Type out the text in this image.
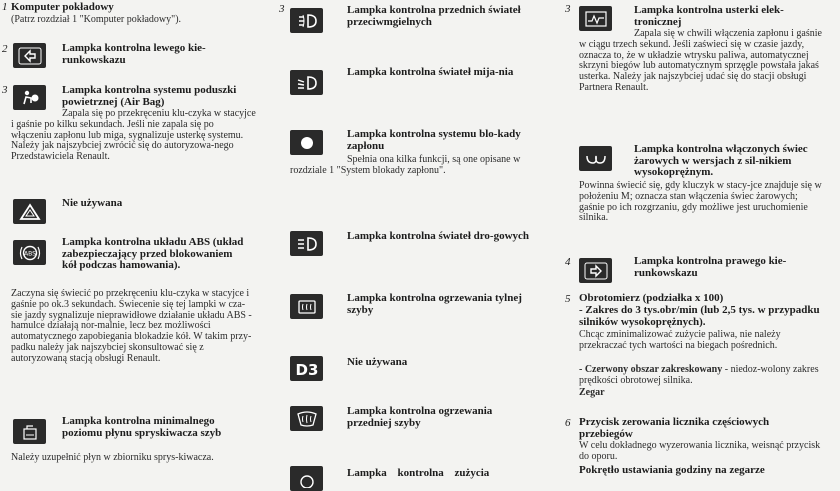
1 Komputer pokładowy
(Patrz rozdział 1 "Komputer pokładowy").
2	Lampka kontrolna lewego kie-runkowskazu
3	Lampka kontrolna systemu poduszki powietrznej (Air Bag)
Zapala się po przekręceniu klu-czyka w stacyjce i gaśnie po kilku sekundach. Jeśli nie zapala się po włączeniu zapłonu lub miga, sygnalizuje usterkę systemu. Należy jak najszybciej zwrócić się do autoryzowa-nego Przedstawiciela Renault.
Nie używana
ABS
Lampka kontrolna układu ABS (układ zabezpieczający przed blokowaniem kół podczas hamowania).
Zaczyna się świecić po przekręceniu klu-czyka w stacyjce i gaśnie po ok.3 sekundach. Świecenie się tej lampki w cza-sie jazdy sygnalizuje nieprawidłowe działanie układu ABS - hamulce działają nor-malnie, lecz bez możliwości automatycznego zapobiegania blokadzie kół. W takim przy-padku należy jak najszybciej skonsultować się z autoryzowaną stacją obsługi Renault.
Lampka kontrolna minimalnego poziomu płynu spryskiwacza szyb
Należy uzupełnić płyn w zbiorniku sprys-kiwacza.
3	Lampka kontrolna przednich świateł przeciwmgielnych
Lampka kontrolna świateł mija-nia
Lampka kontrolna systemu blo-kady zapłonu
Spełnia ona kilka funkcji, są one opisane w rozdziale 1 "System blokady zapłonu".
Lampka kontrolna świateł dro-gowych
Lampka kontrolna ogrzewania tylnej szyby
D3	Nie używana
Lampka kontrolna ogrzewania przedniej szyby
Lampka kontrolna zużycia
3	Lampka kontrolna usterki elek-tronicznej
Zapala się w chwili włączenia zapłonu i gaśnie w ciągu trzech sekund. Jeśli zaświeci się w czasie jazdy, oznacza to, że w układzie wtrysku paliwa, automatycznej skrzyni biegów lub automatycznym sprzęgle powstała jakaś usterka. Należy jak najszybciej udać się do stacji obsługi Partnera Renault.
Lampka kontrolna włączonych świec żarowych w wersjach z sil-nikiem wysokoprężnym.
Powinna świecić się, gdy kluczyk w stacy-jce znajduje się w położeniu M; oznacza stan włączenia świec żarowych; gaśnie po ich rozgrzaniu, gdy możliwe jest uruchomienie silnika.
4	Lampka kontrolna prawego kie-runkowskazu
5 Obrotomierz (podziałka x 100)
- Zakres do 3 tys.obr/min (lub 2,5 tys. w przypadku silników wysokoprężnych).
Chcąc zminimalizować zużycie paliwa, nie należy przekraczać tych wartości na biegach pośrednich.
- Czerwony obszar zakreskowany - niedoz-wolony zakres prędkości obrotowej silnika.
Zegar
6 Przycisk zerowania licznika częściowych przebiegów
W celu dokładnego wyzerowania licznika, weisnąć przycisk do oporu.
Pokrętło ustawiania godziny na zegarze
